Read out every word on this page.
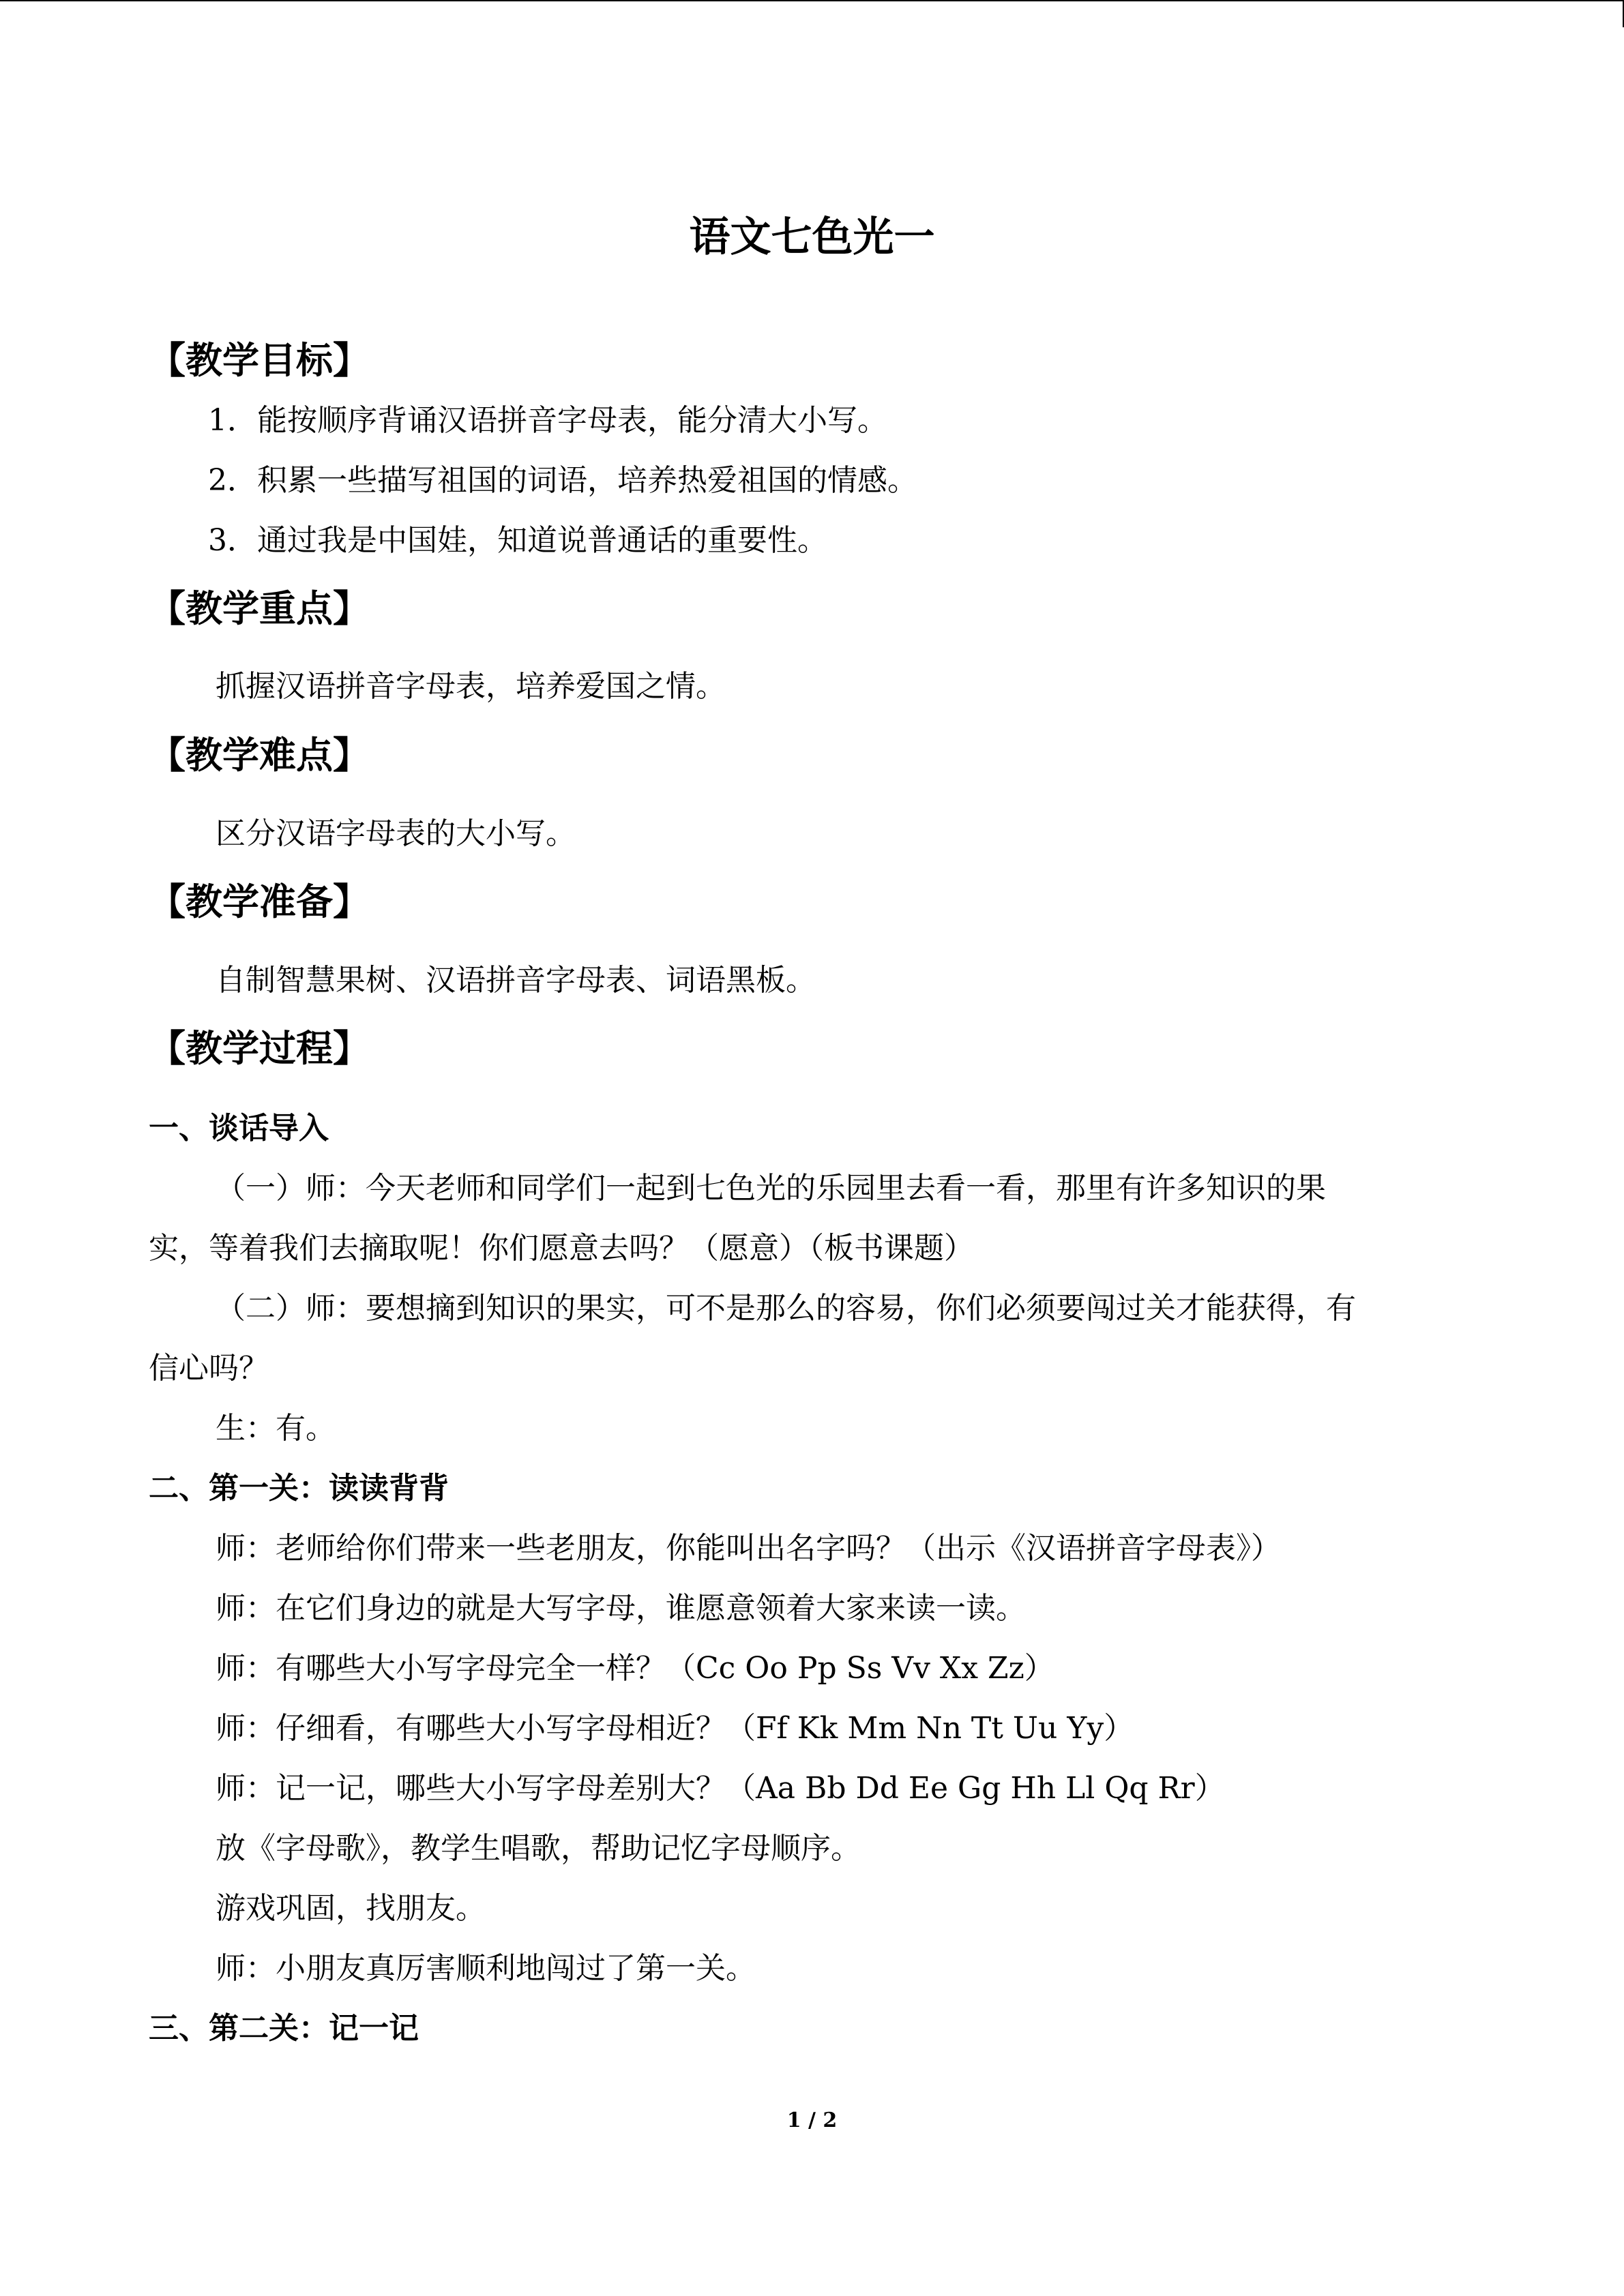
语文七色光一
【教学目标】
1．能按顺序背诵汉语拼音字母表，能分清大小写。
2．积累一些描写祖国的词语，培养热爱祖国的情感。
3．通过我是中国娃，知道说普通话的重要性。
【教学重点】
抓握汉语拼音字母表，培养爱国之情。
【教学难点】
区分汉语字母表的大小写。
【教学准备】
自制智慧果树、汉语拼音字母表、词语黑板。
【教学过程】
一、谈话导入
（一）师：今天老师和同学们一起到七色光的乐园里去看一看，那里有许多知识的果
实，等着我们去摘取呢！你们愿意去吗？（愿意）（板书课题）
（二）师：要想摘到知识的果实，可不是那么的容易，你们必须要闯过关才能获得，有
信心吗？
生：有。
二、第一关：读读背背
师：老师给你们带来一些老朋友，你能叫出名字吗？（出示《汉语拼音字母表》）
师：在它们身边的就是大写字母，谁愿意领着大家来读一读。
师：有哪些大小写字母完全一样？（Cc Oo Pp Ss Vv Xx Zz）
师：仔细看，有哪些大小写字母相近？（Ff Kk Mm Nn Tt Uu Yy）
师：记一记，哪些大小写字母差别大？（Aa Bb Dd Ee Gg Hh Ll Qq Rr）
放《字母歌》，教学生唱歌，帮助记忆字母顺序。
游戏巩固，找朋友。
师：小朋友真厉害顺利地闯过了第一关。
三、第二关：记一记
1 / 2
